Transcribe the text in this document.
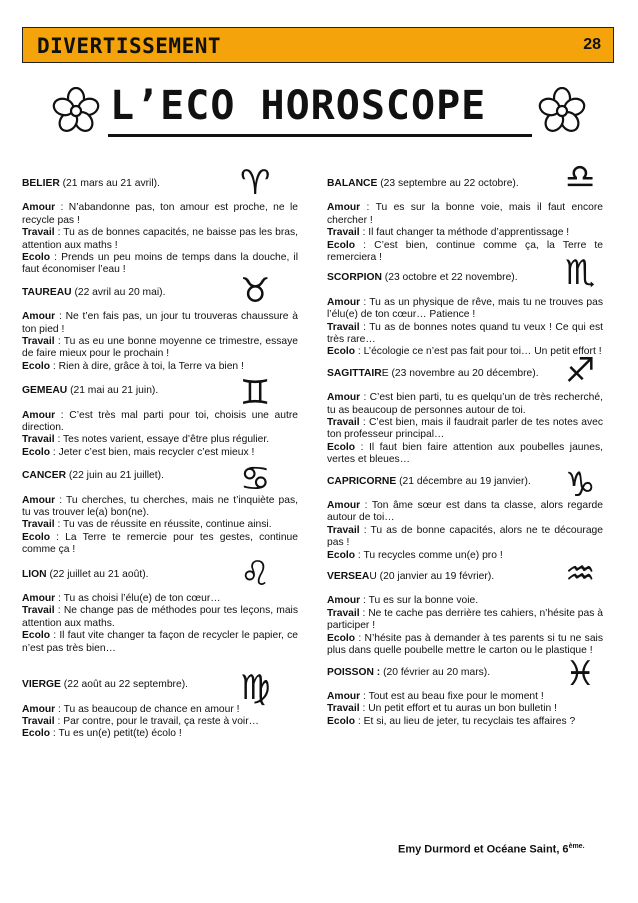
DIVERTISSEMENT	28
L’ECO HOROSCOPE
♈
BELIER (21 mars au 21 avril).

Amour : N’abandonne pas, ton amour est proche, ne le recycle pas !

Travail : Tu as de bonnes capacités, ne baisse pas les bras, attention aux maths !

Ecolo : Prends un peu moins de temps dans la douche, il faut économiser l’eau !

♉
TAUREAU (22 avril au 20 mai).

Amour : Ne t’en fais pas, un jour tu trouveras chaussure à ton pied !

Travail : Tu as eu une bonne moyenne ce trimestre, essaye de faire mieux pour le prochain !

Ecolo : Rien à dire, grâce à toi, la Terre va bien !

♊
GEMEAU (21 mai au 21 juin).

Amour : C’est très mal parti pour toi, choisis une autre direction.

Travail : Tes notes varient, essaye d’être plus régulier.

Ecolo : Jeter c’est bien, mais recycler c’est mieux !

♋
CANCER (22 juin au 21 juillet).

Amour : Tu cherches, tu cherches, mais ne t’inquiète pas, tu vas trouver le(a) bon(ne).

Travail : Tu vas de réussite en réussite, continue ainsi.

Ecolo : La Terre te remercie pour tes gestes, continue comme ça !

♌
LION (22 juillet au 21 août).

Amour : Tu as choisi l’élu(e) de ton cœur…

Travail : Ne change pas de méthodes pour tes leçons, mais attention aux maths.

Ecolo : Il faut vite changer ta façon de recycler le papier, ce n’est pas très bien…

♍
VIERGE (22 août au 22 septembre).

Amour : Tu as beaucoup de chance en amour !

Travail : Par contre, pour le travail, ça reste à voir…

Ecolo : Tu es un(e) petit(te) écolo !

♎
BALANCE (23 septembre au 22 octobre).

Amour : Tu es sur la bonne voie, mais il faut encore chercher !

Travail : Il faut changer ta méthode d’apprentissage !

Ecolo : C’est bien, continue comme ça, la Terre te remerciera !	♏
SCORPION (23 octobre et 22 novembre).

Amour : Tu as un physique de rêve, mais tu ne trouves pas l’élu(e) de ton cœur… Patience !

Travail : Tu as de bonnes notes quand tu veux ! Ce qui est très rare…

Ecolo : L’écologie ce n’est pas fait pour toi… Un petit effort !

♐
SAGITTAIRE (23 novembre au 20 décembre).

Amour : C’est bien parti, tu es quelqu’un de très recherché, tu as beaucoup de personnes autour de toi.

Travail : C’est bien, mais il faudrait parler de tes notes avec ton professeur principal…

Ecolo : Il faut bien faire attention aux poubelles jaunes, vertes et bleues…

♑
CAPRICORNE (21 décembre au 19 janvier).

Amour : Ton âme sœur est dans ta classe, alors regarde autour de toi…

Travail : Tu as de bonne capacités, alors ne te décourage pas !

Ecolo : Tu recycles comme un(e) pro !	♒
VERSEAU (20 janvier au 19 février).

Amour : Tu es sur la bonne voie.

Travail : Ne te cache pas derrière tes cahiers, n’hésite pas à participer !

Ecolo : N’hésite pas à demander à tes parents si tu ne sais plus dans quelle poubelle mettre le carton ou le plastique !

♓
POISSON : (20 février au 20 mars).

Amour : Tout est au beau fixe pour le moment !

Travail : Un petit effort et tu auras un bon bulletin !

Ecolo : Et si, au lieu de jeter, tu recyclais tes affaires ?

Emy Durmord et Océane Saint, $6^{ème.}$
